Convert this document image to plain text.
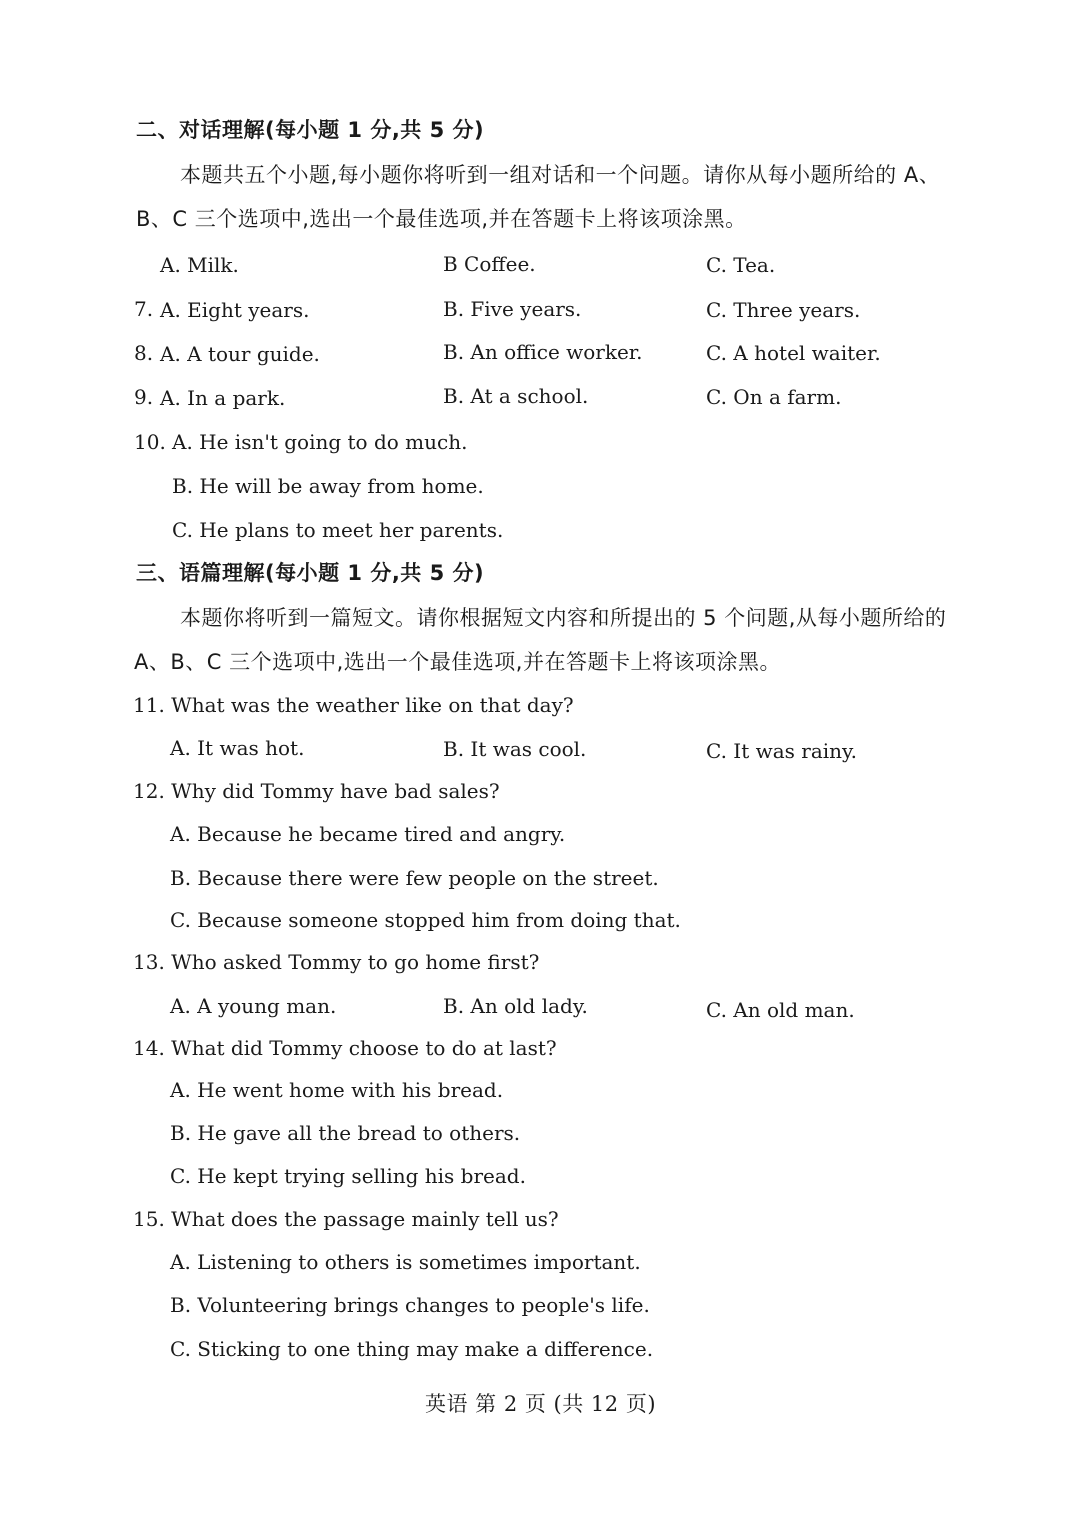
二、对话理解(每小题 1 分,共 5 分)
本题共五个小题,每小题你将听到一组对话和一个问题。请你从每小题所给的 A、
B、C 三个选项中,选出一个最佳选项,并在答题卡上将该项涂黑。
A. Milk.	B Coffee.	C. Tea.
7. A. Eight years.	B. Five years.	C. Three years.
8. A. A tour guide.	B. An office worker.	C. A hotel waiter.
9. A. In a park.	B. At a school.	C. On a farm.
10. A. He isn't going to do much.
B. He will be away from home.
C. He plans to meet her parents.
三、语篇理解(每小题 1 分,共 5 分)
本题你将听到一篇短文。请你根据短文内容和所提出的 5 个问题,从每小题所给的
A、B、C 三个选项中,选出一个最佳选项,并在答题卡上将该项涂黑。
11. What was the weather like on that day?
A. It was hot.	B. It was cool.	C. It was rainy.
12. Why did Tommy have bad sales?
A. Because he became tired and angry.
B. Because there were few people on the street.
C. Because someone stopped him from doing that.
13. Who asked Tommy to go home first?
A. A young man.	B. An old lady.	C. An old man.
14. What did Tommy choose to do at last?
A. He went home with his bread.
B. He gave all the bread to others.
C. He kept trying selling his bread.
15. What does the passage mainly tell us?
A. Listening to others is sometimes important.
B. Volunteering brings changes to people's life.
C. Sticking to one thing may make a difference.
英语 第 2 页 (共 12 页)
